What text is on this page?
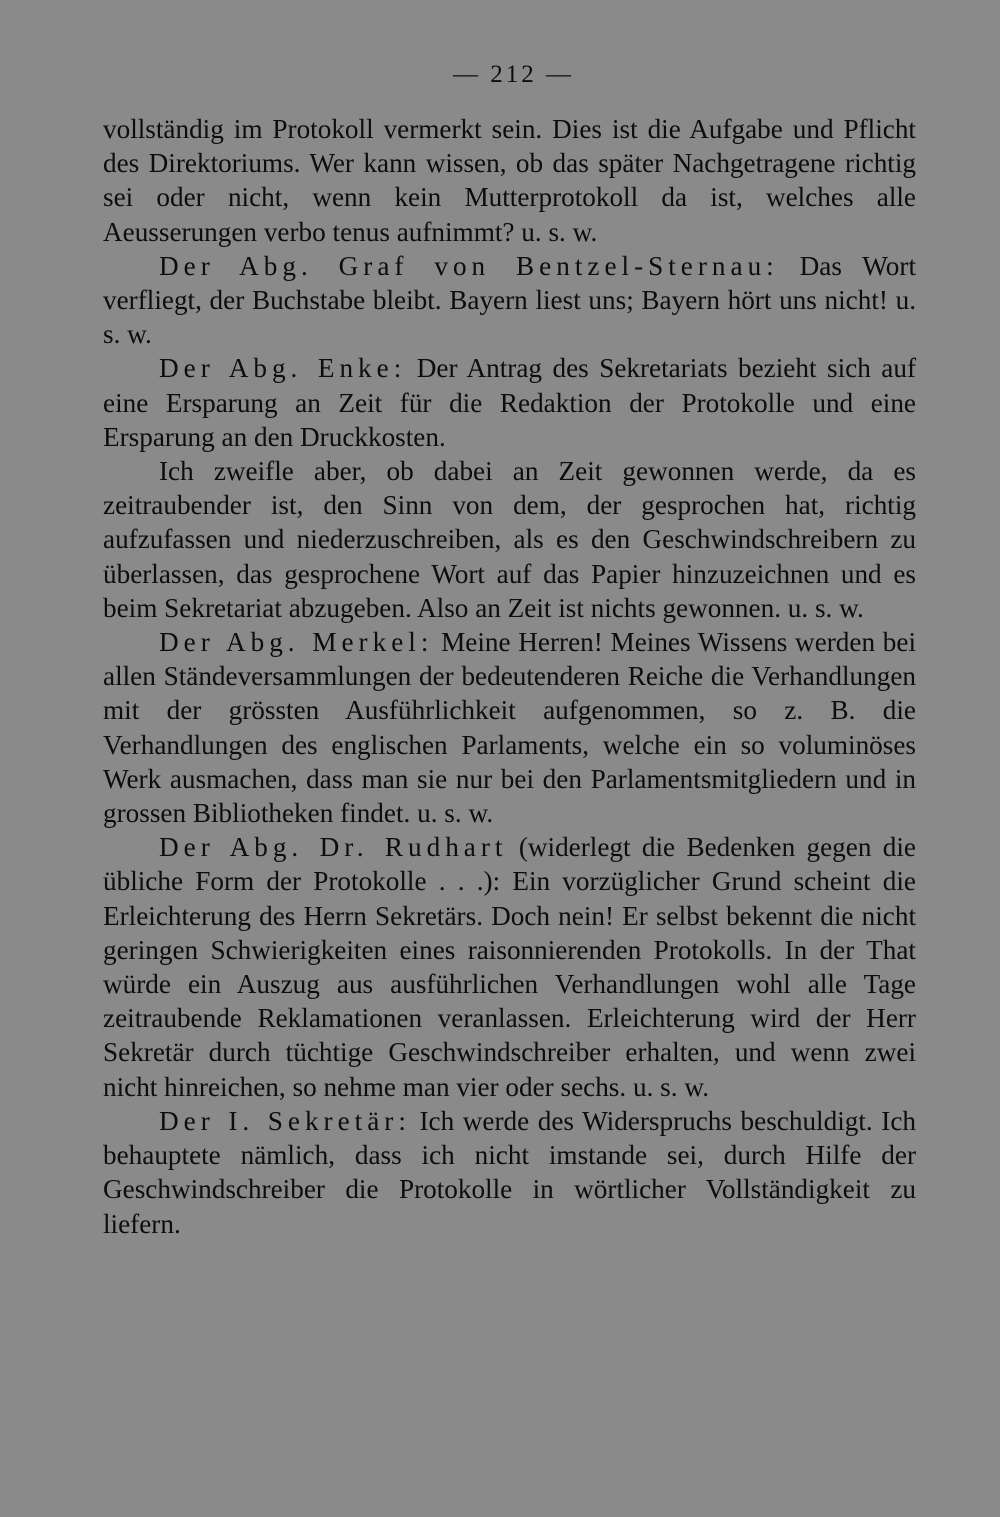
— 212 —

vollständig im Protokoll vermerkt sein. Dies ist die Aufgabe und Pflicht des Direktoriums. Wer kann wissen, ob das später Nachgetragene richtig sei oder nicht, wenn kein Mutterprotokoll da ist, welches alle Aeusserungen verbo tenus aufnimmt? u. s. w.

Der Abg. Graf von Bentzel-Sternau: Das Wort verfliegt, der Buchstabe bleibt. Bayern liest uns; Bayern hört uns nicht! u. s. w.

Der Abg. Enke: Der Antrag des Sekretariats bezieht sich auf eine Ersparung an Zeit für die Redaktion der Protokolle und eine Ersparung an den Druckkosten.

Ich zweifle aber, ob dabei an Zeit gewonnen werde, da es zeitraubender ist, den Sinn von dem, der gesprochen hat, richtig aufzufassen und niederzuschreiben, als es den Geschwindschreibern zu überlassen, das gesprochene Wort auf das Papier hinzuzeichnen und es beim Sekretariat abzugeben. Also an Zeit ist nichts gewonnen. u. s. w.

Der Abg. Merkel: Meine Herren! Meines Wissens werden bei allen Ständeversammlungen der bedeutenderen Reiche die Verhandlungen mit der grössten Ausführlichkeit aufgenommen, so z. B. die Verhandlungen des englischen Parlaments, welche ein so voluminöses Werk ausmachen, dass man sie nur bei den Parlamentsmitgliedern und in grossen Bibliotheken findet. u. s. w.

Der Abg. Dr. Rudhart (widerlegt die Bedenken gegen die übliche Form der Protokolle . . .): Ein vorzüglicher Grund scheint die Erleichterung des Herrn Sekretärs. Doch nein! Er selbst bekennt die nicht geringen Schwierigkeiten eines raisonnierenden Protokolls. In der That würde ein Auszug aus ausführlichen Verhandlungen wohl alle Tage zeitraubende Reklamationen veranlassen. Erleichterung wird der Herr Sekretär durch tüchtige Geschwindschreiber erhalten, und wenn zwei nicht hinreichen, so nehme man vier oder sechs. u. s. w.

Der I. Sekretär: Ich werde des Widerspruchs beschuldigt. Ich behauptete nämlich, dass ich nicht imstande sei, durch Hilfe der Geschwindschreiber die Protokolle in wörtlicher Vollständigkeit zu liefern.
